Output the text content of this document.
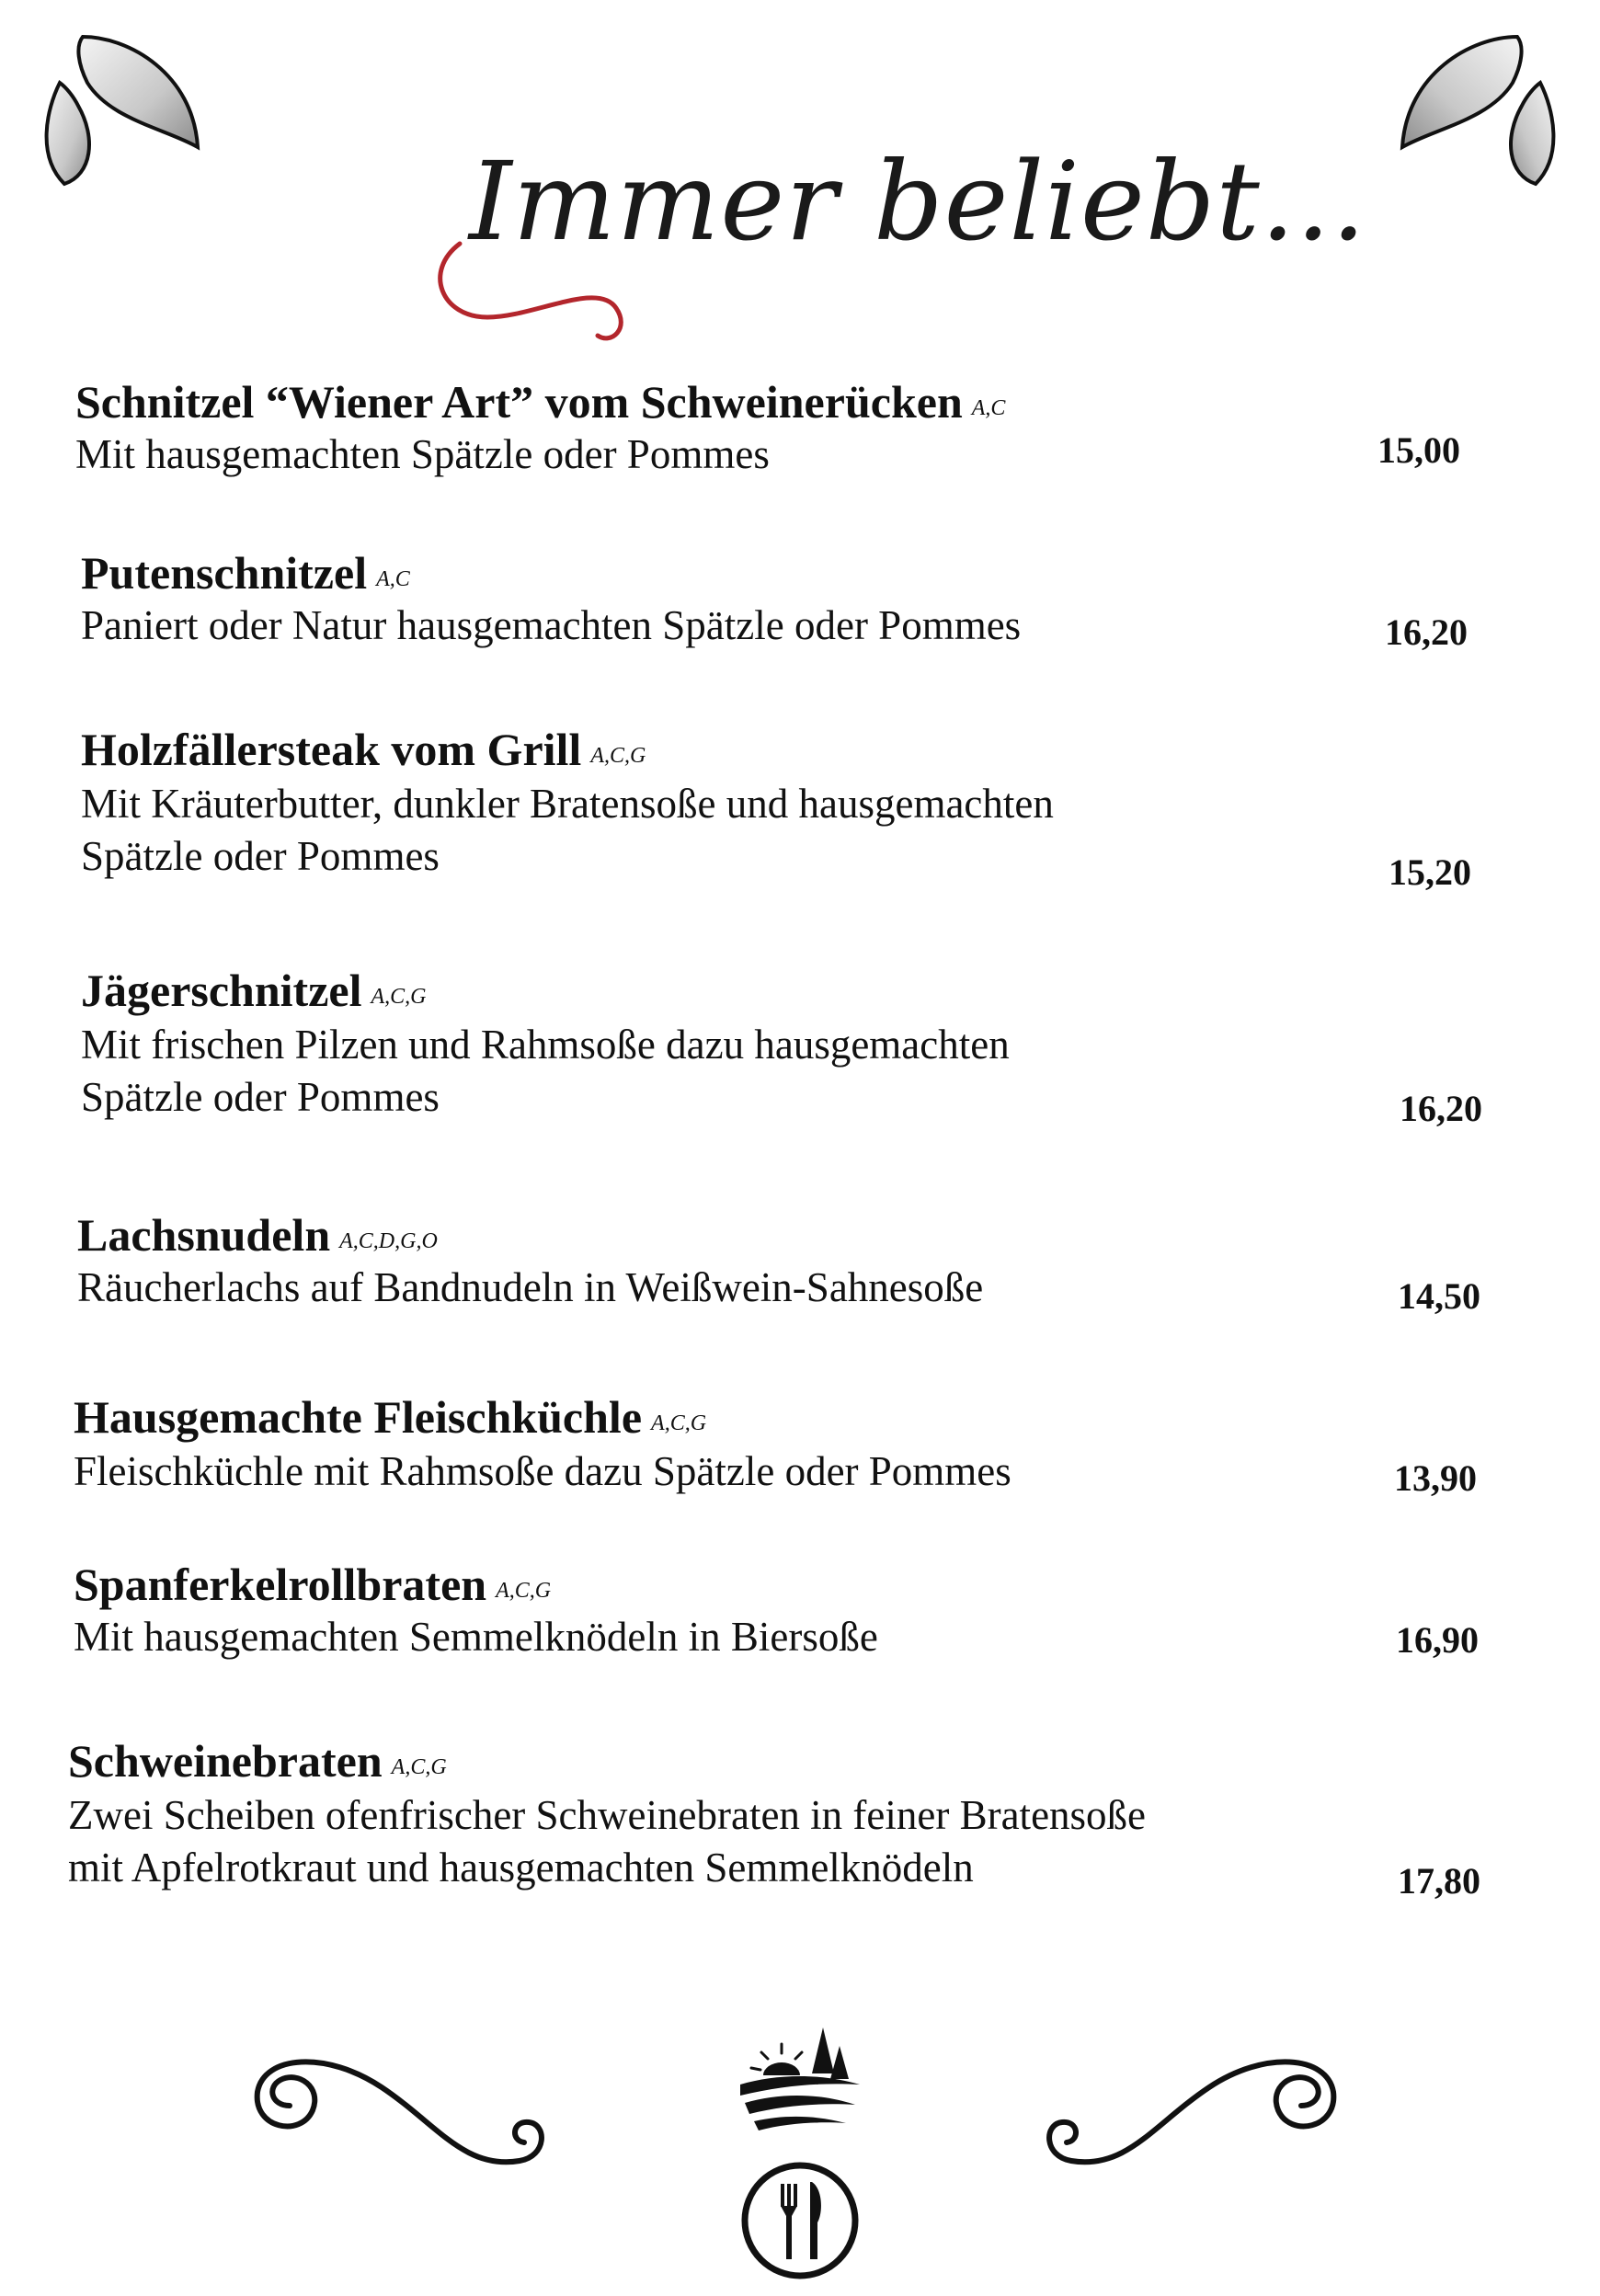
Immer beliebt...
Schnitzel “Wiener Art” vom Schweinerücken A,C
Mit hausgemachten Spätzle oder Pommes	15,00
Putenschnitzel A,C
Paniert oder Natur hausgemachten Spätzle oder Pommes	16,20
Holzfällersteak vom Grill A,C,G
Mit Kräuterbutter, dunkler Bratensoße und hausgemachten
Spätzle oder Pommes	15,20
Jägerschnitzel A,C,G
Mit frischen Pilzen und Rahmsoße dazu hausgemachten
Spätzle oder Pommes	16,20
Lachsnudeln A,C,D,G,O
Räucherlachs auf Bandnudeln in Weißwein-Sahnesoße	14,50
Hausgemachte Fleischküchle A,C,G
Fleischküchle mit Rahmsoße dazu Spätzle oder Pommes	13,90
Spanferkelrollbraten A,C,G
Mit hausgemachten Semmelknödeln in Biersoße	16,90
Schweinebraten A,C,G
Zwei Scheiben ofenfrischer Schweinebraten in feiner Bratensoße
mit Apfelrotkraut und hausgemachten Semmelknödeln	17,80
